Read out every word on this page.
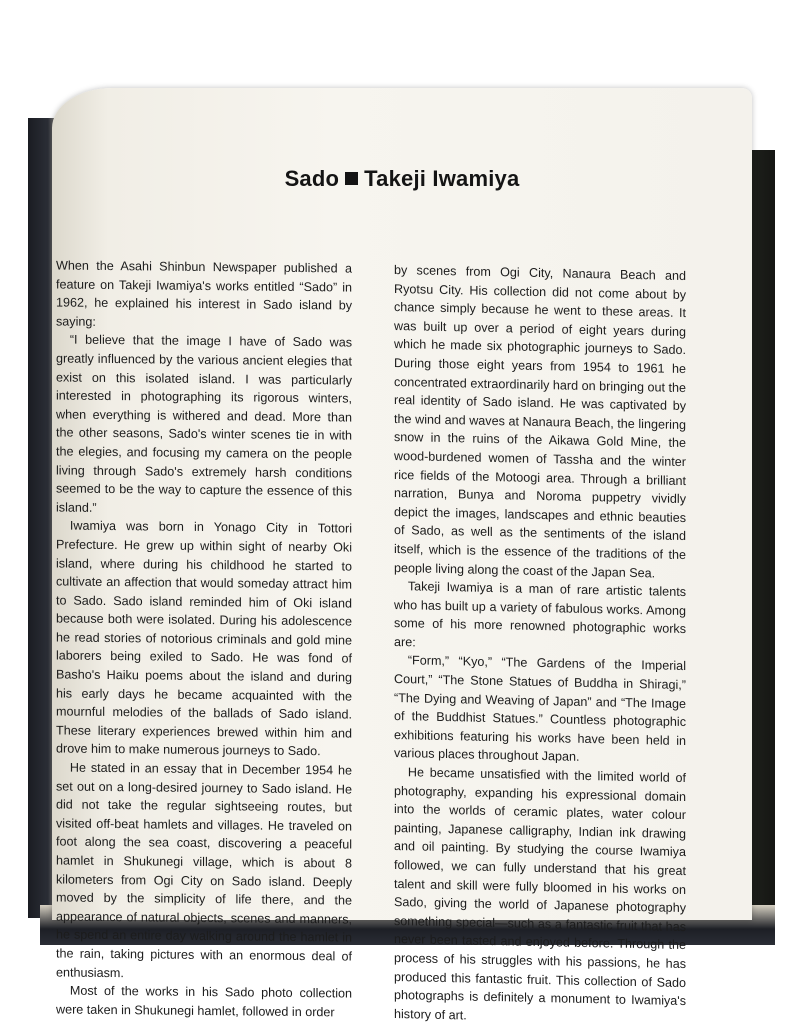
Sado Takeji Iwamiya

When the Asahi Shinbun Newspaper published a feature on Takeji Iwamiya's works entitled “Sado” in 1962, he explained his interest in Sado island by saying:

“I believe that the image I have of Sado was greatly influenced by the various ancient elegies that exist on this isolated island. I was particularly interested in photographing its rigorous winters, when everything is withered and dead. More than the other seasons, Sado's winter scenes tie in with the elegies, and focusing my camera on the people living through Sado's extremely harsh conditions seemed to be the way to capture the essence of this island.”

Iwamiya was born in Yonago City in Tottori Prefecture. He grew up within sight of nearby Oki island, where during his childhood he started to cultivate an affection that would someday attract him to Sado. Sado island reminded him of Oki island because both were isolated. During his adolescence he read stories of notorious criminals and gold mine laborers being exiled to Sado. He was fond of Basho's Haiku poems about the island and during his early days he became acquainted with the mournful melodies of the ballads of Sado island. These literary experiences brewed within him and drove him to make numerous journeys to Sado.

He stated in an essay that in December 1954 he set out on a long-desired journey to Sado island. He did not take the regular sightseeing routes, but visited off-beat hamlets and villages. He traveled on foot along the sea coast, discovering a peaceful hamlet in Shukunegi village, which is about 8 kilometers from Ogi City on Sado island. Deeply moved by the simplicity of life there, and the appearance of natural objects, scenes and manners, he spend an entire day walking around the hamlet in the rain, taking pictures with an enormous deal of enthusiasm.

Most of the works in his Sado photo collection were taken in Shukunegi hamlet, followed in order

by scenes from Ogi City, Nanaura Beach and Ryotsu City. His collection did not come about by chance simply because he went to these areas. It was built up over a period of eight years during which he made six photographic journeys to Sado. During those eight years from 1954 to 1961 he concentrated extraordinarily hard on bringing out the real identity of Sado island. He was captivated by the wind and waves at Nanaura Beach, the lingering snow in the ruins of the Aikawa Gold Mine, the wood-burdened women of Tassha and the winter rice fields of the Motoogi area. Through a brilliant narration, Bunya and Noroma puppetry vividly depict the images, landscapes and ethnic beauties of Sado, as well as the sentiments of the island itself, which is the essence of the traditions of the people living along the coast of the Japan Sea.

Takeji Iwamiya is a man of rare artistic talents who has built up a variety of fabulous works. Among some of his more renowned photographic works are:

“Form,” “Kyo,” “The Gardens of the Imperial Court,” “The Stone Statues of Buddha in Shiragi,” “The Dying and Weaving of Japan” and “The Image of the Buddhist Statues.” Countless photographic exhibitions featuring his works have been held in various places throughout Japan.

He became unsatisfied with the limited world of photography, expanding his expressional domain into the worlds of ceramic plates, water colour painting, Japanese calligraphy, Indian ink drawing and oil painting. By studying the course Iwamiya followed, we can fully understand that his great talent and skill were fully bloomed in his works on Sado, giving the world of Japanese photography something special—such as a fantastic fruit that has never been tasted and enjoyed before. Through the process of his struggles with his passions, he has produced this fantastic fruit. This collection of Sado photographs is definitely a monument to Iwamiya's history of art.
